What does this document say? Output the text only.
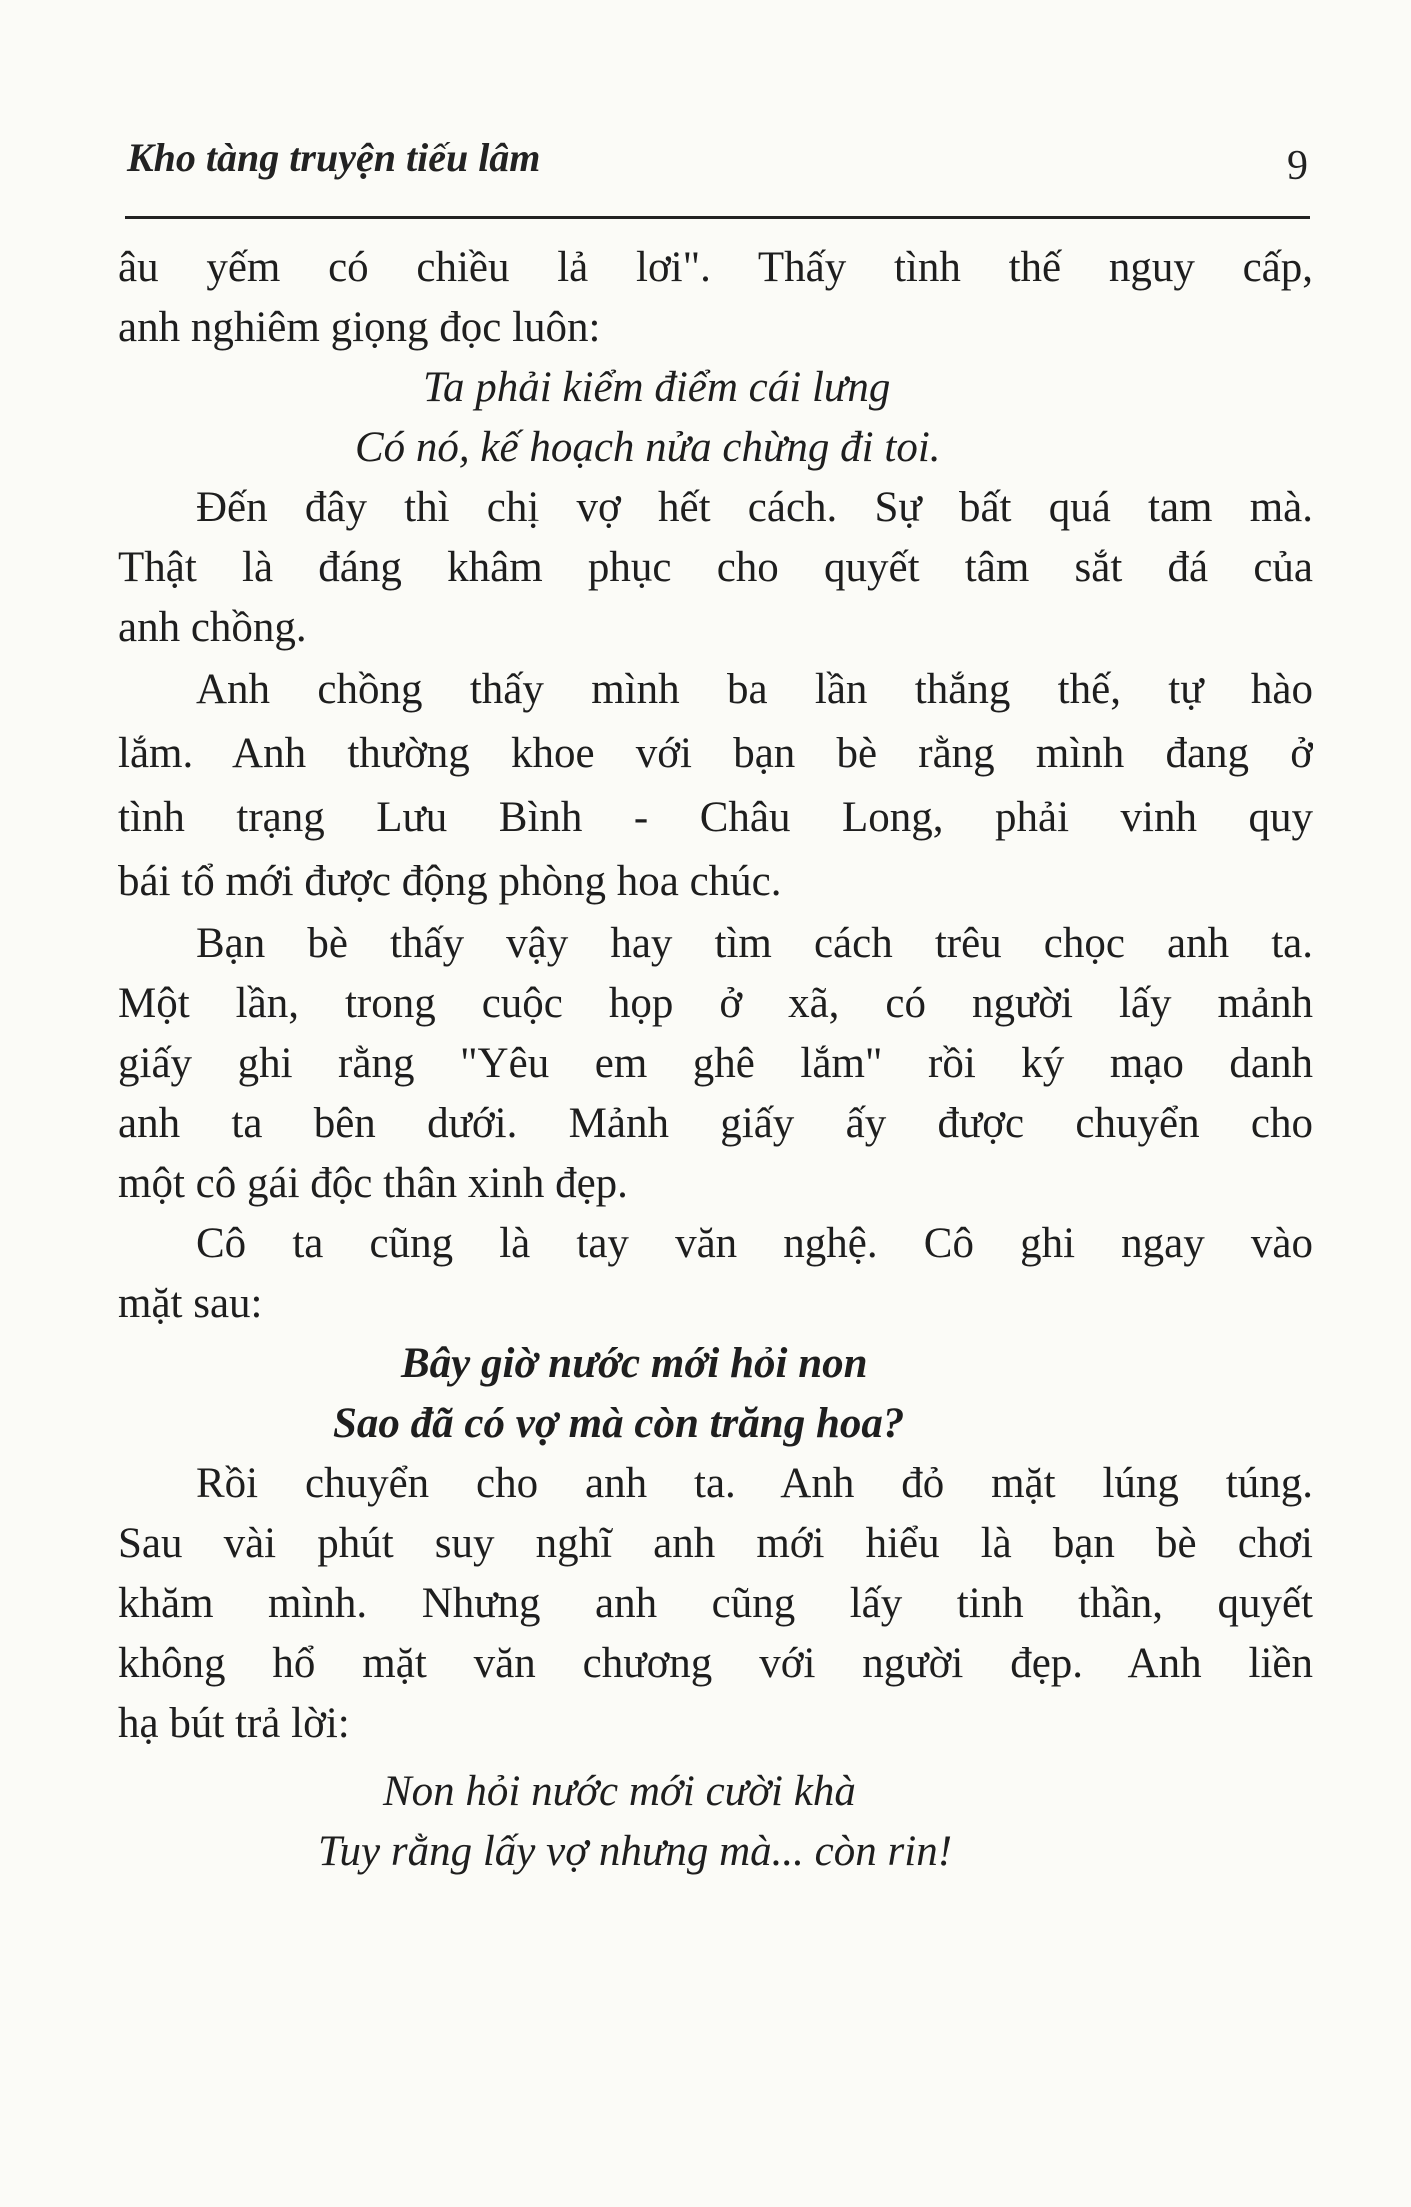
Kho tàng truyện tiếu lâm	9
âu yếm có chiều lả lơi". Thấy tình thế nguy cấp,
anh nghiêm giọng đọc luôn:
Ta phải kiểm điểm cái lưng
Có nó, kế hoạch nửa chừng đi toi.
Đến đây thì chị vợ hết cách. Sự bất quá tam mà.
Thật là đáng khâm phục cho quyết tâm sắt đá của
anh chồng.
Anh chồng thấy mình ba lần thắng thế, tự hào
lắm. Anh thường khoe với bạn bè rằng mình đang ở
tình trạng Lưu Bình - Châu Long, phải vinh quy
bái tổ mới được động phòng hoa chúc.
Bạn bè thấy vậy hay tìm cách trêu chọc anh ta.
Một lần, trong cuộc họp ở xã, có người lấy mảnh
giấy ghi rằng "Yêu em ghê lắm" rồi ký mạo danh
anh ta bên dưới. Mảnh giấy ấy được chuyển cho
một cô gái độc thân xinh đẹp.
Cô ta cũng là tay văn nghệ. Cô ghi ngay vào
mặt sau:
Bây giờ nước mới hỏi non
Sao đã có vợ mà còn trăng hoa?
Rồi chuyển cho anh ta. Anh đỏ mặt lúng túng.
Sau vài phút suy nghĩ anh mới hiểu là bạn bè chơi
khăm mình. Nhưng anh cũng lấy tinh thần, quyết
không hổ mặt văn chương với người đẹp. Anh liền
hạ bút trả lời:
Non hỏi nước mới cười khà
Tuy rằng lấy vợ nhưng mà... còn rin!
